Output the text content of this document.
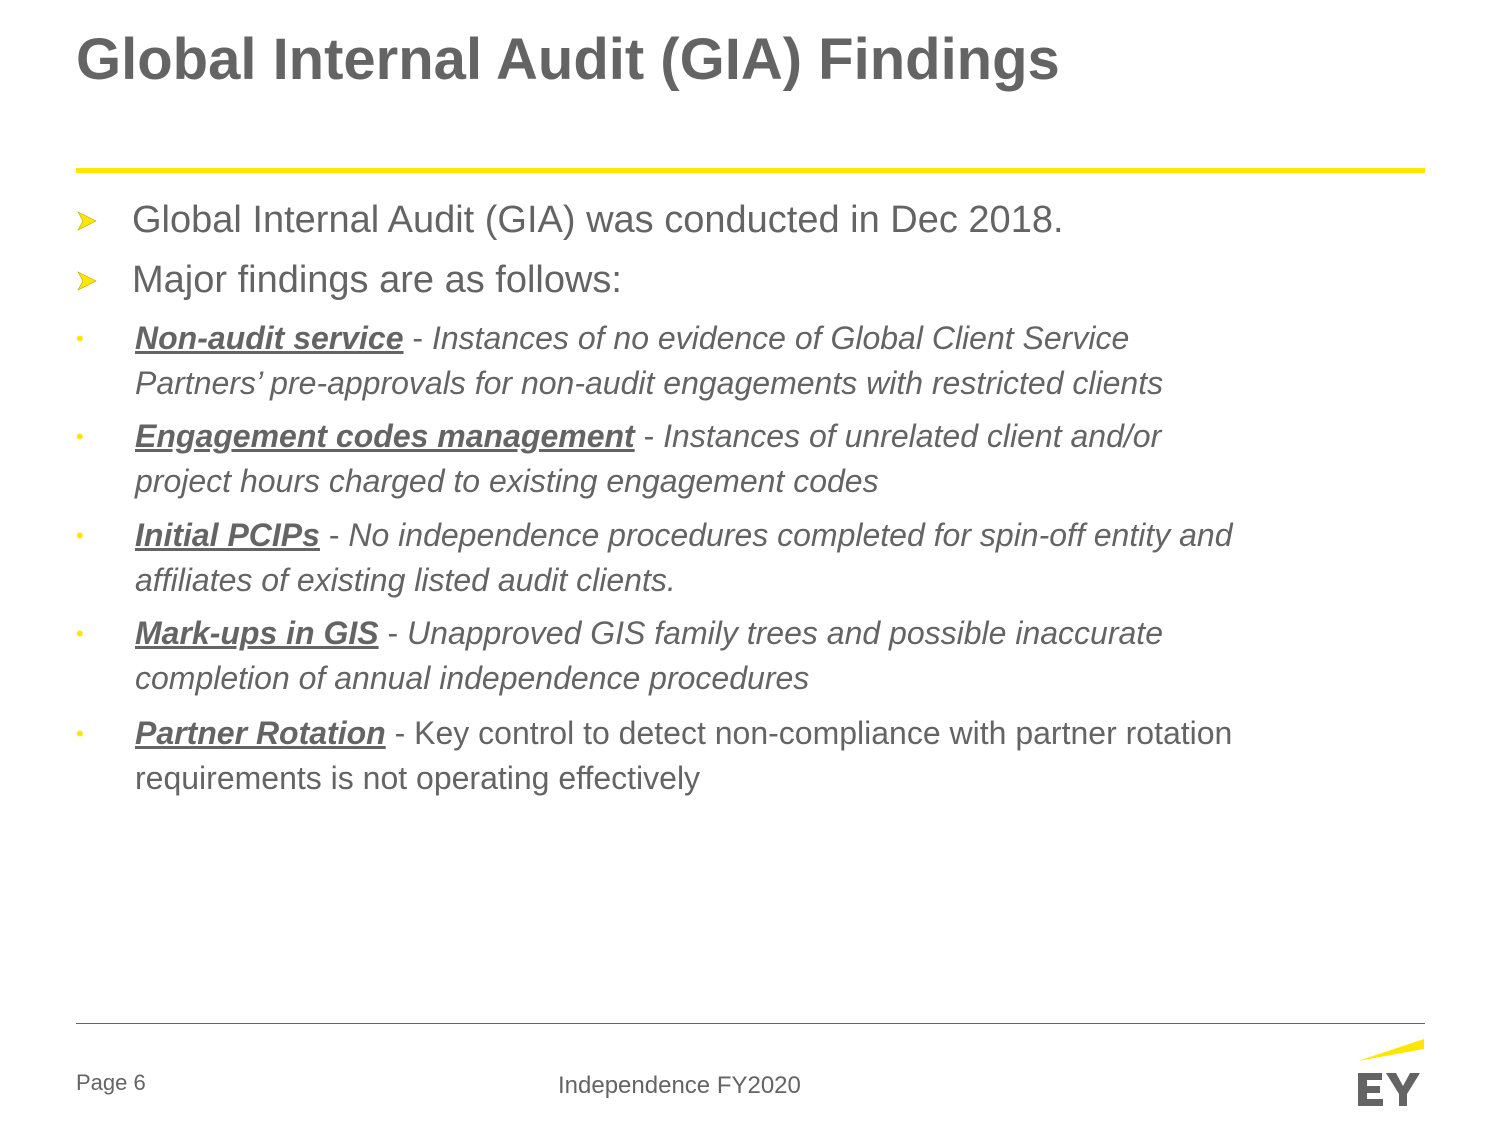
Global Internal Audit (GIA) Findings
Global Internal Audit (GIA) was conducted in Dec 2018.
Major findings are as follows:
• Non-audit service - Instances of no evidence of Global Client Service
Partners’ pre-approvals for non-audit engagements with restricted clients
• Engagement codes management - Instances of unrelated client and/or
project hours charged to existing engagement codes
• Initial PCIPs - No independence procedures completed for spin-off entity and
affiliates of existing listed audit clients.
• Mark-ups in GIS - Unapproved GIS family trees and possible inaccurate
completion of annual independence procedures
• Partner Rotation - Key control to detect non-compliance with partner rotation
requirements is not operating effectively
Page 6	Independence FY2020
